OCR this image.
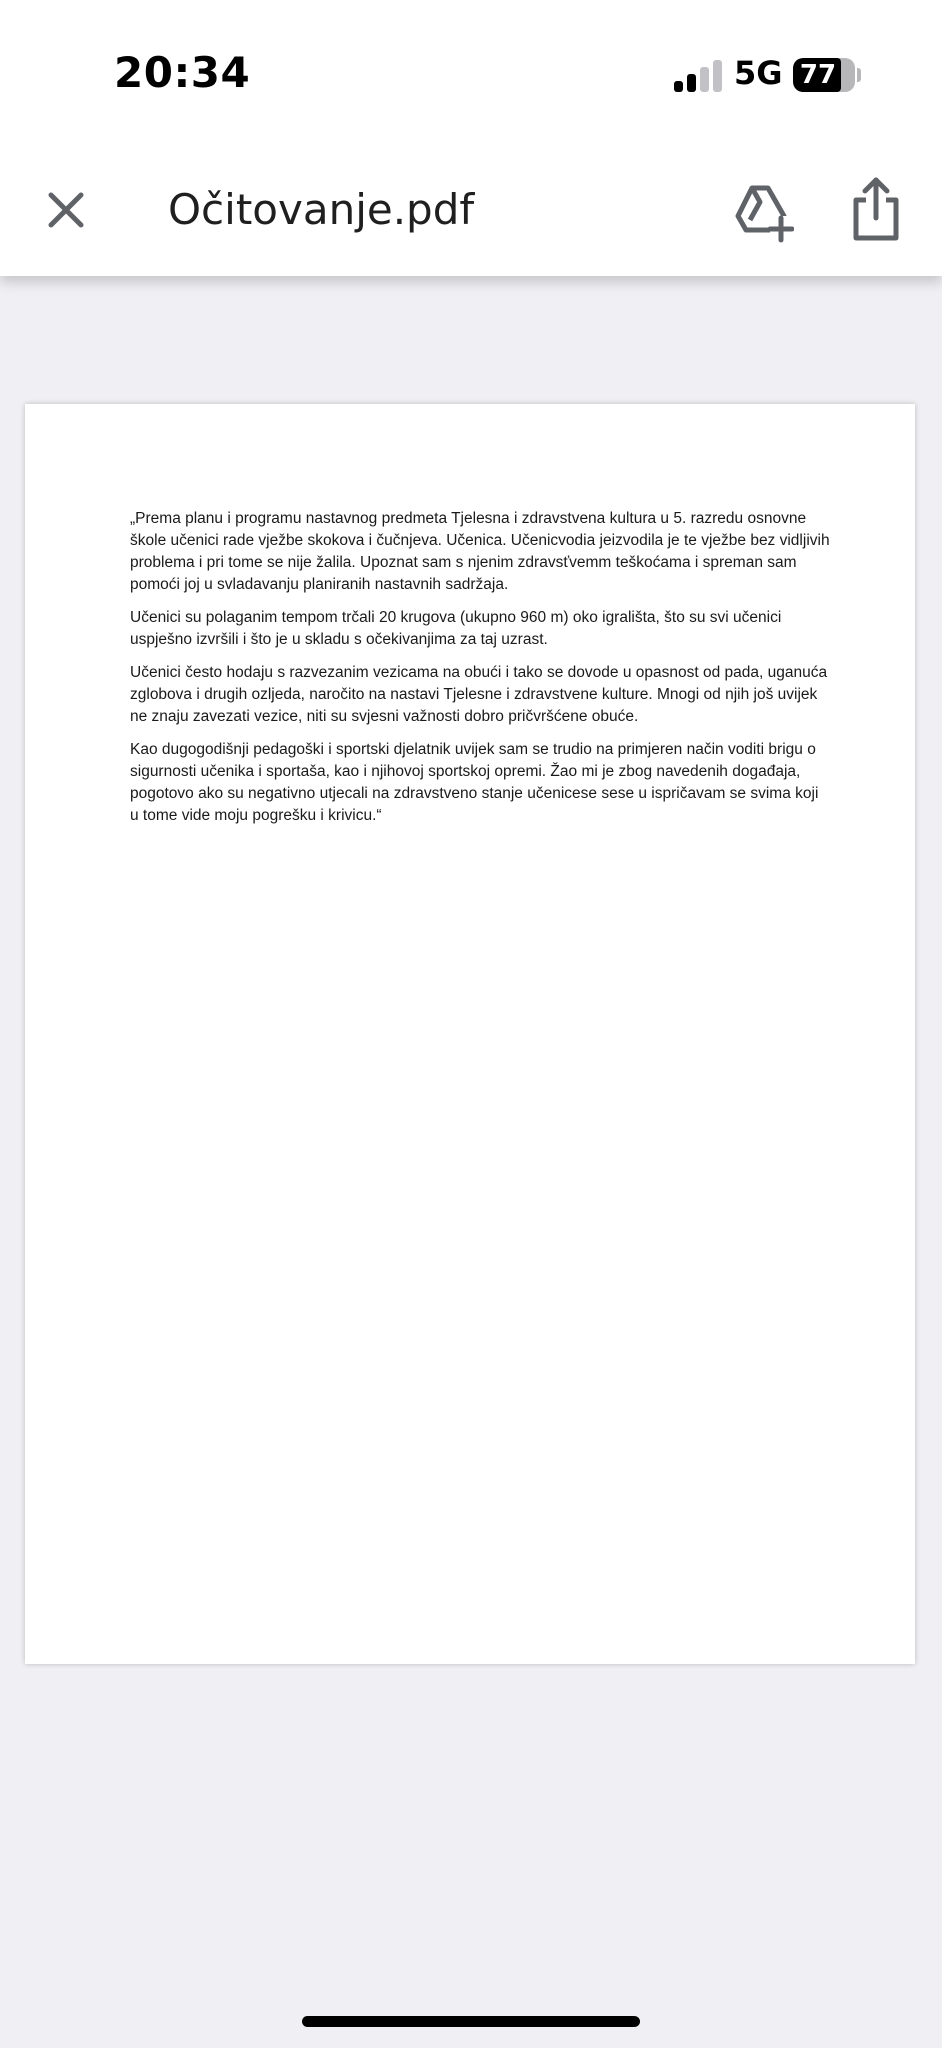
20:34	5G 77
Očitovanje.pdf

„Prema planu i programu nastavnog predmeta Tjelesna i zdravstvena kultura u 5. razredu osnovne škole učenici rade vježbe skokova i čučnjeva. Učenica. Učenicvodia jeizvodila je te vježbe bez vidljivih problema i pri tome se nije žalila. Upoznat sam s njenim zdravsťvemm teškoćama i spreman sam pomoći joj u svladavanju planiranih nastavnih sadržaja.

Učenici su polaganim tempom trčali 20 krugova (ukupno 960 m) oko igrališta, što su svi učenici uspješno izvršili i što je u skladu s očekivanjima za taj uzrast.

Učenici često hodaju s razvezanim vezicama na obući i tako se dovode u opasnost od pada, uganuća zglobova i drugih ozljeda, naročito na nastavi Tjelesne i zdravstvene kulture. Mnogi od njih još uvijek ne znaju zavezati vezice, niti su svjesni važnosti dobro pričvršćene obuće.

Kao dugogodišnji pedagoški i sportski djelatnik uvijek sam se trudio na primjeren način voditi brigu o sigurnosti učenika i sportaša, kao i njihovoj sportskoj opremi. Žao mi je zbog navedenih događaja, pogotovo ako su negativno utjecali na zdravstveno stanje učenicese sese u ispričavam se svima koji u tome vide moju pogrešku i krivicu.“
